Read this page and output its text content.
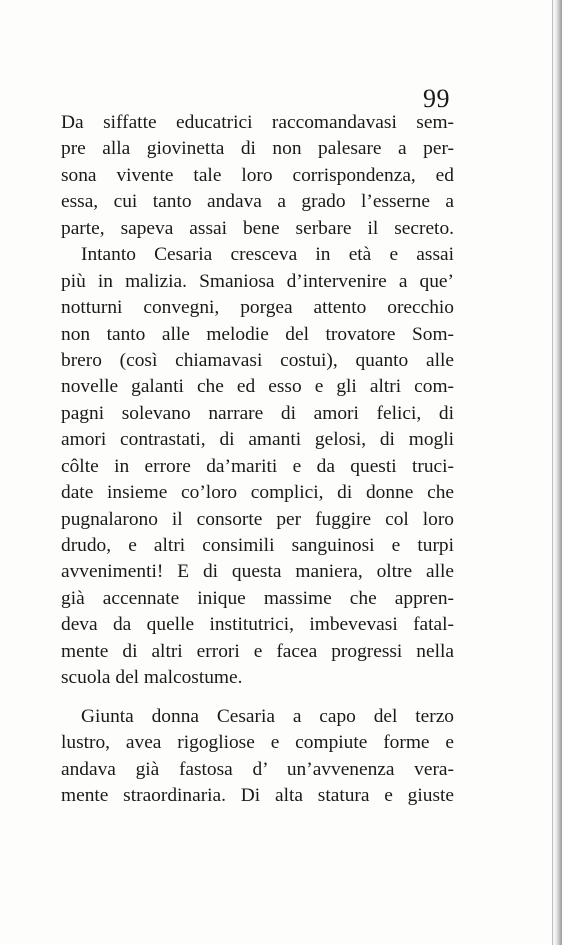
99
Da siffatte educatrici raccomandavasi sem-
pre alla giovinetta di non palesare a per-
sona vivente tale loro corrispondenza, ed
essa, cui tanto andava a grado l’esserne a
parte, sapeva assai bene serbare il secreto.
Intanto Cesaria cresceva in età e assai
più in malizia. Smaniosa d’intervenire a que’
notturni convegni, porgea attento orecchio
non tanto alle melodie del trovatore Som-
brero (così chiamavasi costui), quanto alle
novelle galanti che ed esso e gli altri com-
pagni solevano narrare di amori felici, di
amori contrastati, di amanti gelosi, di mogli
côlte in errore da’mariti e da questi truci-
date insieme co’loro complici, di donne che
pugnalarono il consorte per fuggire col loro
drudo, e altri consimili sanguinosi e turpi
avvenimenti! E di questa maniera, oltre alle
già accennate inique massime che appren-
deva da quelle institutrici, imbevevasi fatal-
mente di altri errori e facea progressi nella
scuola del malcostume.
Giunta donna Cesaria a capo del terzo
lustro, avea rigogliose e compiute forme e
andava già fastosa d’ un’avvenenza vera-
mente straordinaria. Di alta statura e giuste
